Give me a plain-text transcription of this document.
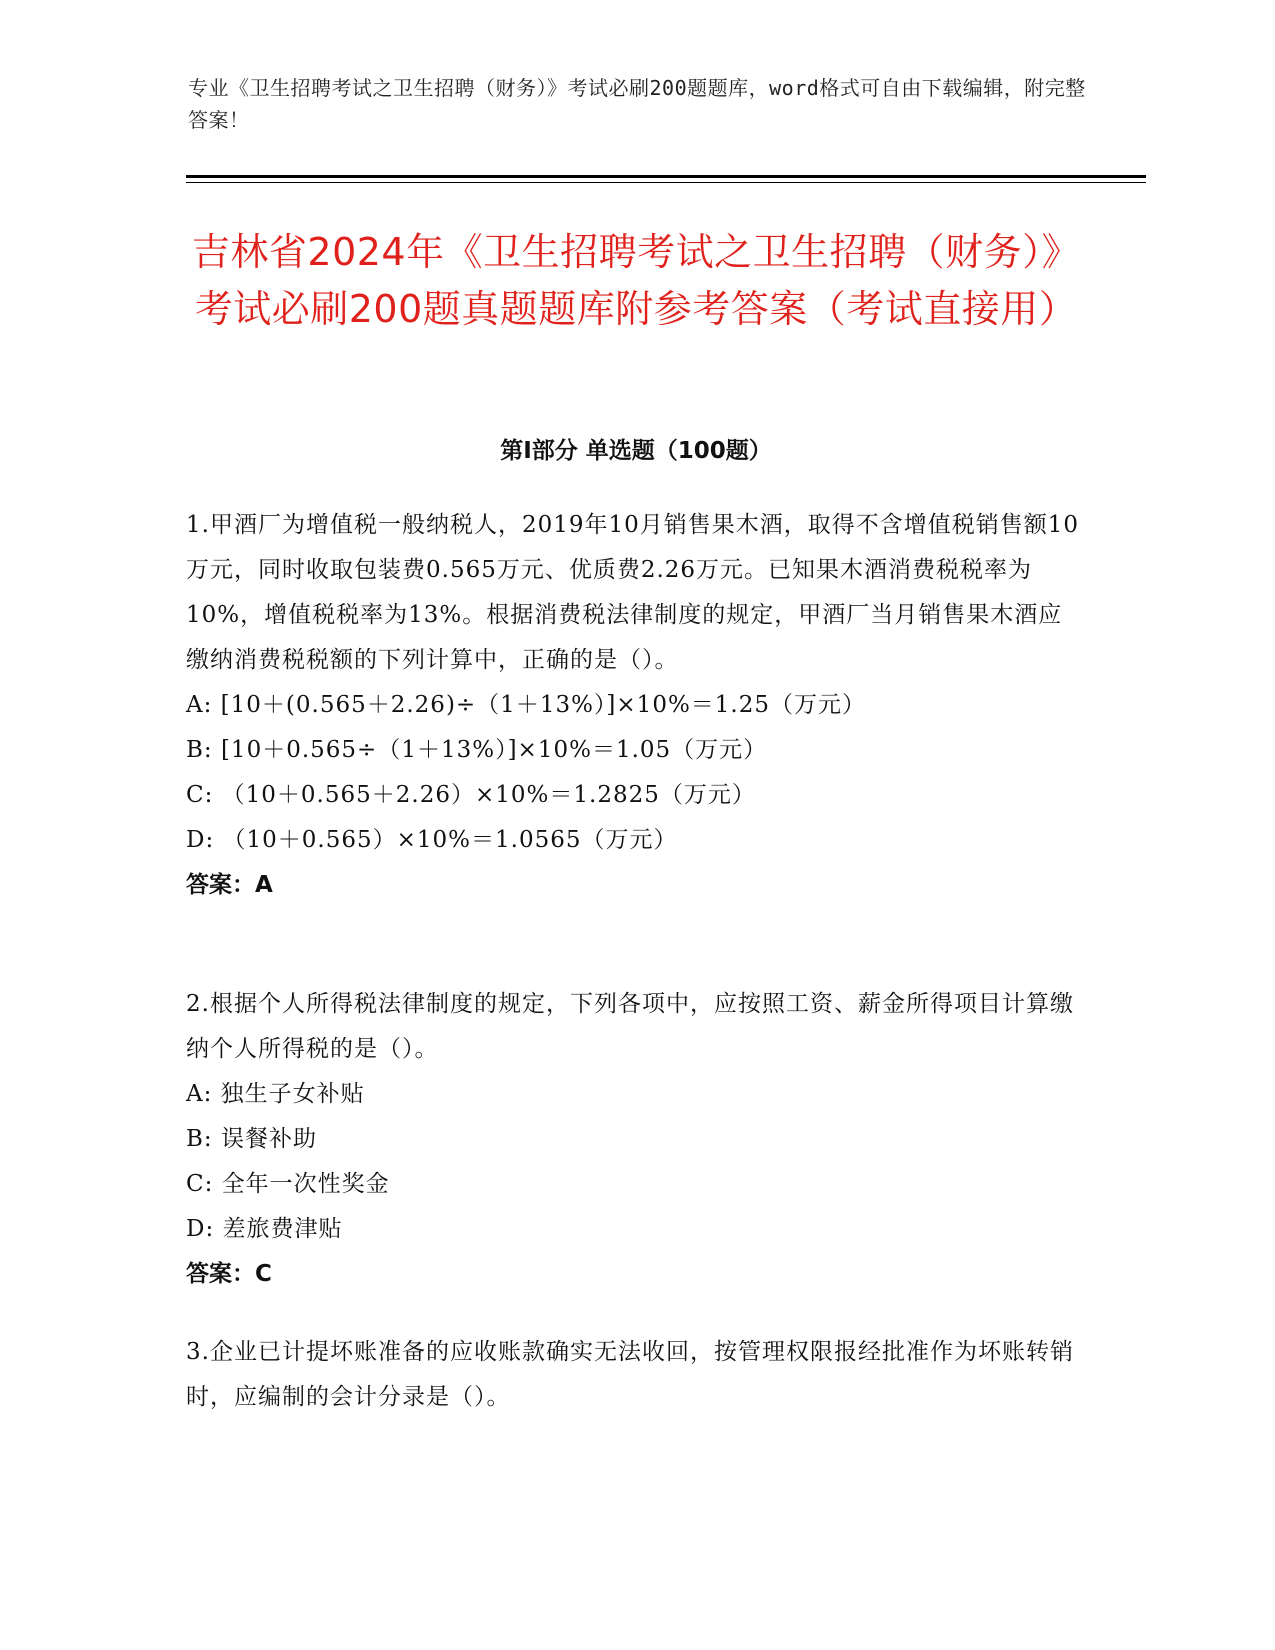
专业《卫生招聘考试之卫生招聘（财务）》考试必刷200题题库，word格式可自由下载编辑，附完整答案！
吉林省2024年《卫生招聘考试之卫生招聘（财务）》考试必刷200题真题题库附参考答案（考试直接用）
第Ⅰ部分 单选题（100题）
1.甲酒厂为增值税一般纳税人，2019年10月销售果木酒，取得不含增值税销售额10万元，同时收取包装费0.565万元、优质费2.26万元。已知果木酒消费税税率为10%，增值税税率为13%。根据消费税法律制度的规定，甲酒厂当月销售果木酒应缴纳消费税税额的下列计算中，正确的是（）。
A: [10＋(0.565＋2.26)÷（1＋13%）]×10%＝1.25（万元）
B: [10＋0.565÷（1＋13%）]×10%＝1.05（万元）
C: （10＋0.565＋2.26）×10%＝1.2825（万元）
D: （10＋0.565）×10%＝1.0565（万元）
答案：A
2.根据个人所得税法律制度的规定，下列各项中，应按照工资、薪金所得项目计算缴纳个人所得税的是（）。
A: 独生子女补贴
B: 误餐补助
C: 全年一次性奖金
D: 差旅费津贴
答案：C
3.企业已计提坏账准备的应收账款确实无法收回，按管理权限报经批准作为坏账转销时，应编制的会计分录是（）。
